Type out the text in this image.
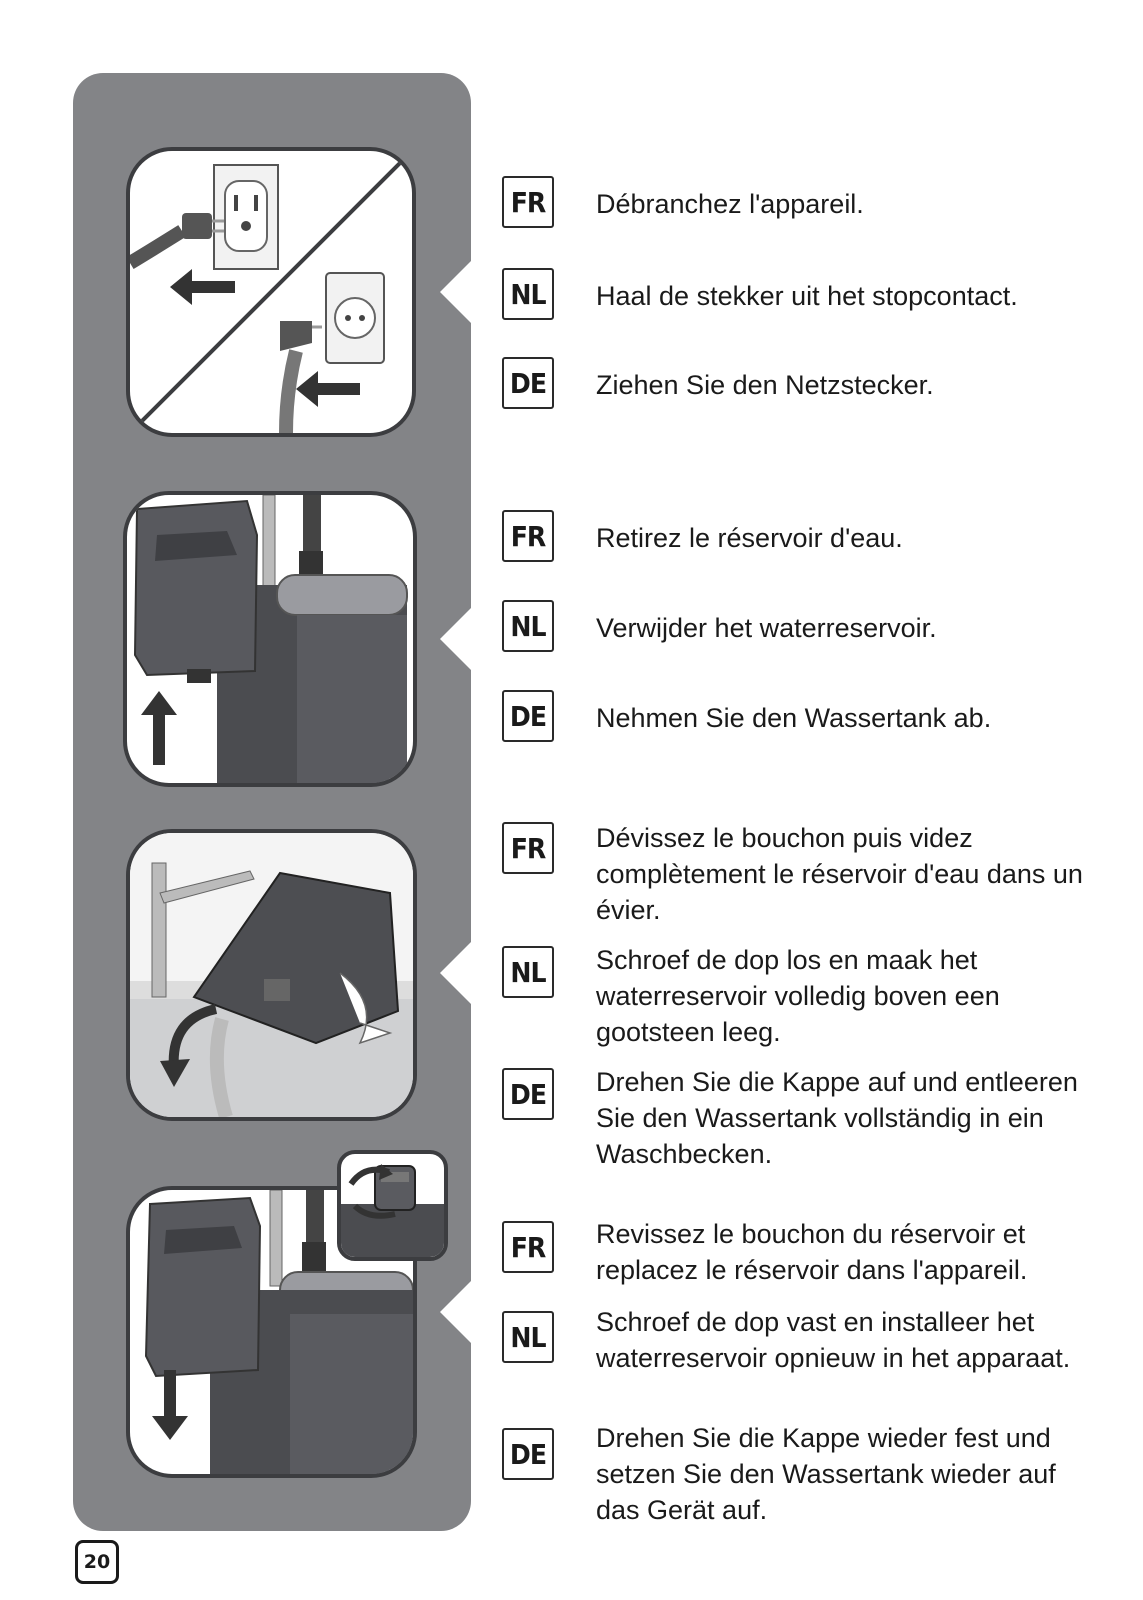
FR	Débranchez l'appareil.
NL	Haal de stekker uit het stopcontact.
DE Ziehen Sie den Netzstecker.
FR	Retirez le réservoir d'eau.
NL	Verwijder het waterreservoir.
DE Nehmen Sie den Wassertank ab.
FR	Dévissez le bouchon puis videz complètement le réservoir d'eau dans un évier.
NL	Schroef de dop los en maak het waterreservoir volledig boven een gootsteen leeg.
DE Drehen Sie die Kappe auf und entleeren Sie den Wassertank vollständig in ein Waschbecken.
FR	Revissez le bouchon du réservoir et replacez le réservoir dans l'appareil.
NL	Schroef de dop vast en installeer het waterreservoir opnieuw in het apparaat.
DE Drehen Sie die Kappe wieder fest und setzen Sie den Wassertank wieder auf das Gerät auf.
20
